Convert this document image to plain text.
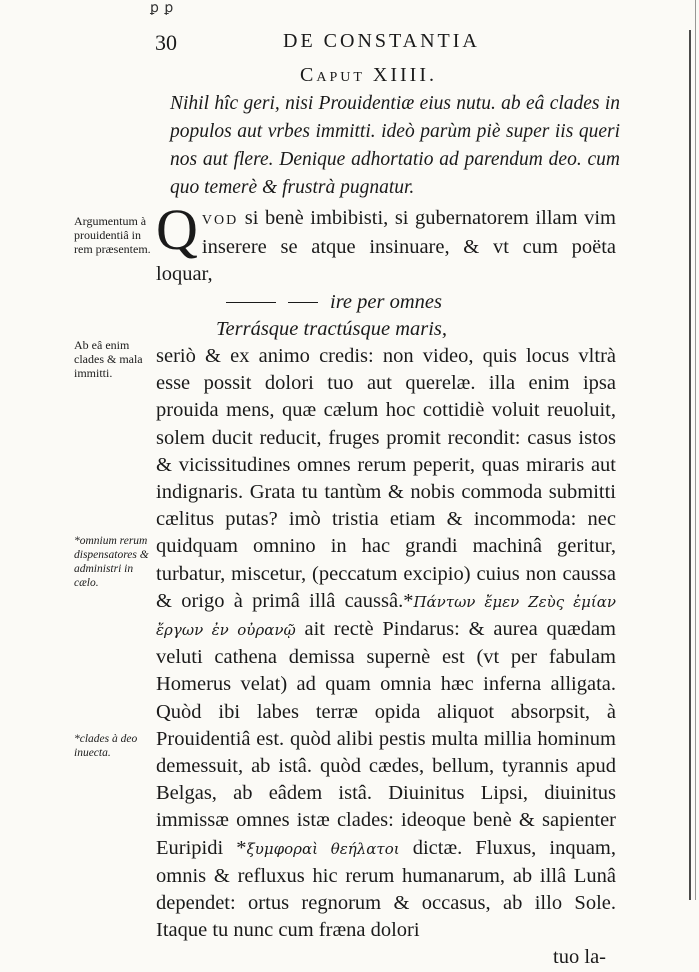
ꝑ ꝑ
30	DE CONSTANTIA
Caput XIIII.

Nihil hîc geri, nisi Prouidentiæ eius nutu. ab eâ clades in populos aut vrbes immitti. ideò parùm piè super iis queri nos aut flere. Denique adhortatio ad parendum deo. cum quo temerè & frustrà pugnatur.

QVOD si benè imbibisti, si gubernatorem illam vim inserere se atque insinuare, & vt cum poëta loquar,

ire per omnes

Terrásque tractúsque maris,

seriò & ex animo credis: non video, quis locus vltrà esse possit dolori tuo aut querelæ. illa enim ipsa prouida mens, quæ cælum hoc cottidiè voluit reuoluit, solem ducit reducit, fruges promit recondit: casus istos & vicissitudines omnes rerum peperit, quas miraris aut indignaris. Grata tu tantùm & nobis commoda submitti cælitus putas? imò tristia etiam & incommoda: nec quidquam omnino in hac grandi machinâ geritur, turbatur, miscetur, (peccatum excipio) cuius non caussa & origo à primâ illâ caussâ.*Πάντων ἔμεν Ζεὺς ἐμίαν ἔργων ἐν οὐρανῷ ait rectè Pindarus: & aurea quædam veluti cathena demissa supernè est (vt per fabulam Homerus velat) ad quam omnia hæc inferna alligata. Quòd ibi labes terræ opida aliquot absorpsit, à Prouidentiâ est. quòd alibi pestis multa millia hominum demessuit, ab istâ. quòd cædes, bellum, tyrannis apud Belgas, ab eâdem istâ. Diuinitus Lipsi, diuinitus immissæ omnes istæ clades: ideoque benè & sapienter Euripidi *ξυμφοραὶ θεήλατοι dictæ. Fluxus, inquam, omnis & refluxus hic rerum humanarum, ab illâ Lunâ dependet: ortus regnorum & occasus, ab illo Sole. Itaque tu nunc cum fræna dolori

tuo la-

Argumentum à prouidentiâ in rem præsentem.

Ab eâ enim clades & mala immitti.

*omnium rerum dispensatores & administri in cælo.

*clades à deo inuecta.
